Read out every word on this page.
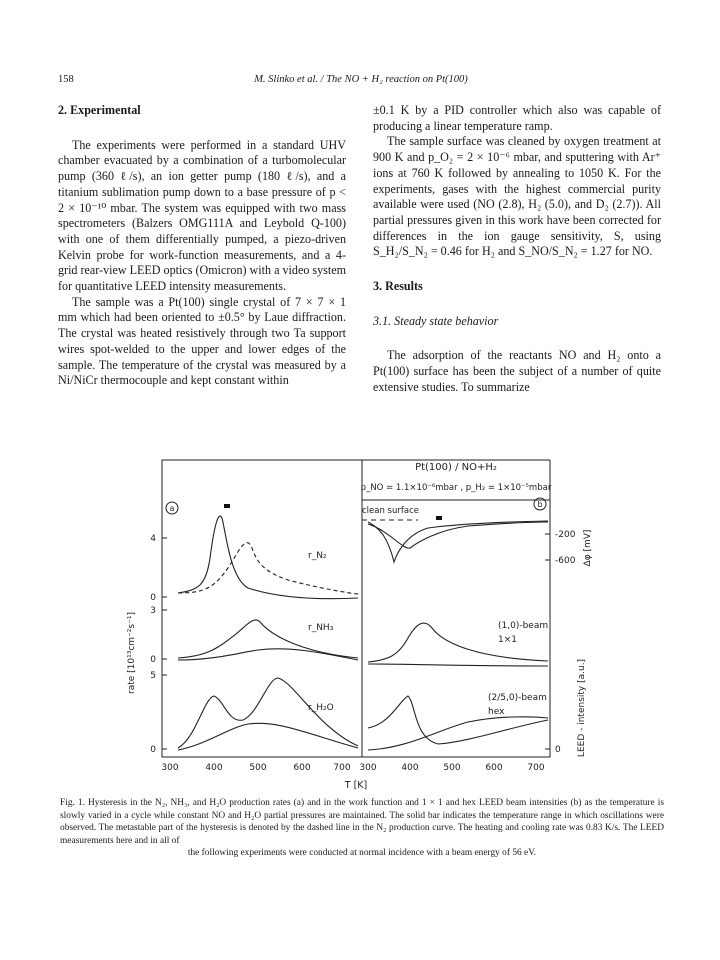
158	M. Slinko et al. / The NO + H₂ reaction on Pt(100)
2. Experimental

The experiments were performed in a standard UHV chamber evacuated by a combination of a turbomolecular pump (360 ℓ/s), an ion getter pump (180 ℓ/s), and a titanium sublimation pump down to a base pressure of p < 2 × 10⁻¹⁰ mbar. The system was equipped with two mass spectrometers (Balzers OMG111A and Leybold Q-100) with one of them differentially pumped, a piezo-driven Kelvin probe for work-function measurements, and a 4-grid rear-view LEED optics (Omicron) with a video system for quantitative LEED intensity measurements.

The sample was a Pt(100) single crystal of 7 × 7 × 1 mm which had been oriented to ±0.5° by Laue diffraction. The crystal was heated resistively through two Ta support wires spot-welded to the upper and lower edges of the sample. The temperature of the crystal was measured by a Ni/NiCr thermocouple and kept constant within

±0.1 K by a PID controller which also was capable of producing a linear temperature ramp.

The sample surface was cleaned by oxygen treatment at 900 K and p_O₂ = 2 × 10⁻⁶ mbar, and sputtering with Ar⁺ ions at 760 K followed by annealing to 1050 K. For the experiments, gases with the highest commercial purity available were used (NO (2.8), H₂ (5.0), and D₂ (2.7)). All partial pressures given in this work have been corrected for differences in the ion gauge sensitivity, S, using S_H₂/S_N₂ = 0.46 for H₂ and S_NO/S_N₂ = 1.27 for NO.

3. Results
3.1. Steady state behavior

The adsorption of the reactants NO and H₂ onto a Pt(100) surface has been the subject of a number of quite extensive studies. To summarize

Pt(100) / NO+H₂
p_NO = 1.1×10⁻⁶mbar , p_H₂ = 1×10⁻⁵mbar
a	b
clean surface
4
0
3
0
5
0
rate [10¹³cm⁻²s⁻¹]
-200
-600
0
Δφ [mV]
LEED - intensity [a.u.]
300	400	500	600	700 300	400	500	600	700
T [K]
r_N₂
r_NH₃
r_H₂O
(1,0)-beam
1×1
(2/5,0)-beam
hex
Fig. 1. Hysteresis in the N₂, NH₃, and H₂O production rates (a) and in the work function and 1 × 1 and hex LEED beam intensities (b) as the temperature is slowly varied in a cycle while constant NO and H₂O partial pressures are maintained. The solid bar indicates the temperature range in which oscillations were observed. The metastable part of the hysteresis is denoted by the dashed line in the N₂ production curve. The heating and cooling rate was 0.83 K/s. The LEED measurements here and in all of
the following experiments were conducted at normal incidence with a beam energy of 56 eV.
